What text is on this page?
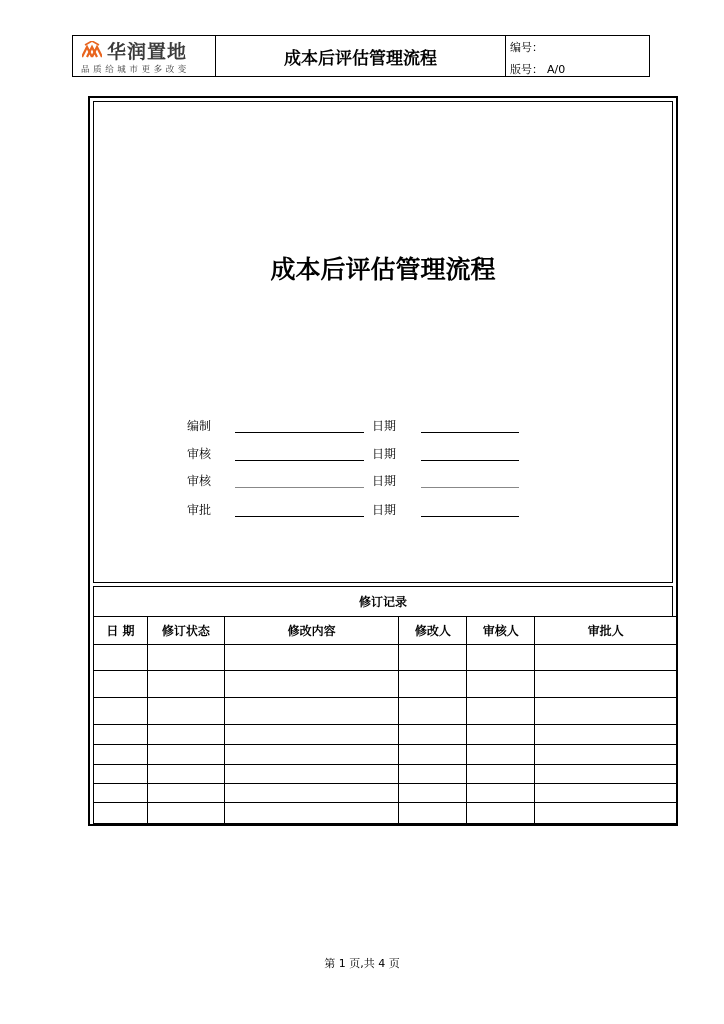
华润置地
品质给城市更多改变
成本后评估管理流程
编号：
版号： A/0
成本后评估管理流程
编制	日期
审核	日期
审核	日期
审批	日期
修订记录
日 期	修订状态	修改内容	修改人	审核人	审批人

第 1 页,共 4 页
